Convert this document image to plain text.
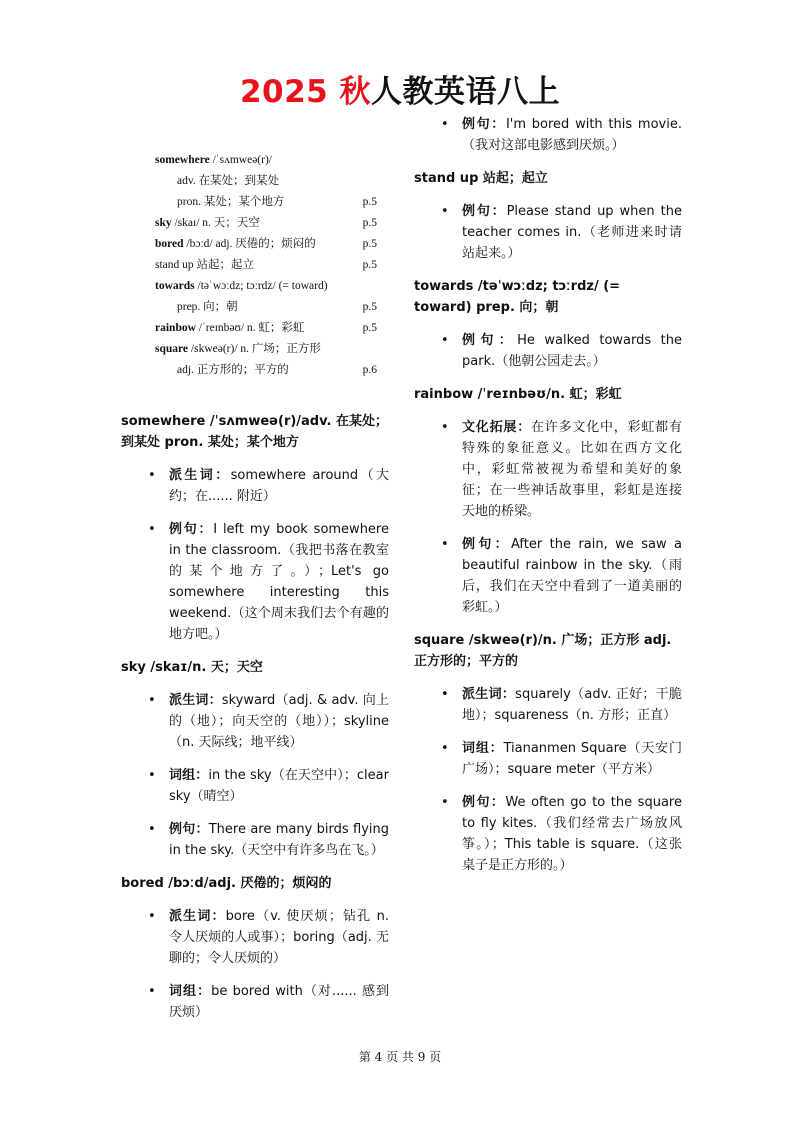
2025 秋人教英语八上
somewhere /ˈsʌmweə(r)/
adv. 在某处；到某处
pron. 某处；某个地方	p.5
sky /skaɪ/ n. 天；天空	p.5
bored /bɔːd/ adj. 厌倦的；烦闷的	p.5
stand up 站起；起立	p.5
towards /təˈwɔːdz; tɔːrdz/ (= toward)
prep. 向；朝	p.5
rainbow /ˈreɪnbəʊ/ n. 虹；彩虹	p.5
square /skweə(r)/ n. 广场；正方形
adj. 正方形的；平方的	p.6
somewhere /ˈsʌmweə(r)/adv. 在某处；到某处 pron. 某处；某个地方
• 派生词：somewhere around（大约；在...... 附近）
• 例句：I left my book somewhere in the classroom.（我把书落在教室的某个地方了。）；Let's go somewhere interesting this weekend.（这个周末我们去个有趣的地方吧。）
sky /skaɪ/n. 天；天空
• 派生词：skyward（adj. & adv. 向上的（地）；向天空的（地））；skyline（n. 天际线；地平线）
• 词组：in the sky（在天空中）；clear sky（晴空）
• 例句：There are many birds flying in the sky.（天空中有许多鸟在飞。）
bored /bɔːd/adj. 厌倦的；烦闷的
• 派生词：bore（v. 使厌烦；钻孔 n. 令人厌烦的人或事）；boring（adj. 无聊的；令人厌烦的）
• 词组：be bored with（对...... 感到厌烦）
• 例句：I'm bored with this movie.（我对这部电影感到厌烦。）
stand up 站起；起立
• 例句：Please stand up when the teacher comes in.（老师进来时请站起来。）
towards /təˈwɔːdz; tɔːrdz/ (= toward) prep. 向；朝
• 例句：He walked towards the park.（他朝公园走去。）
rainbow /ˈreɪnbəʊ/n. 虹；彩虹
• 文化拓展：在许多文化中，彩虹都有特殊的象征意义。比如在西方文化中，彩虹常被视为希望和美好的象征；在一些神话故事里，彩虹是连接天地的桥梁。
• 例句：After the rain, we saw a beautiful rainbow in the sky.（雨后，我们在天空中看到了一道美丽的彩虹。）
square /skweə(r)/n. 广场；正方形 adj. 正方形的；平方的
• 派生词：squarely（adv. 正好；干脆地）；squareness（n. 方形；正直）
• 词组：Tiananmen Square（天安门广场）；square meter（平方米）
• 例句：We often go to the square to fly kites.（我们经常去广场放风筝。）；This table is square.（这张桌子是正方形的。）
第 4 页 共 9 页
